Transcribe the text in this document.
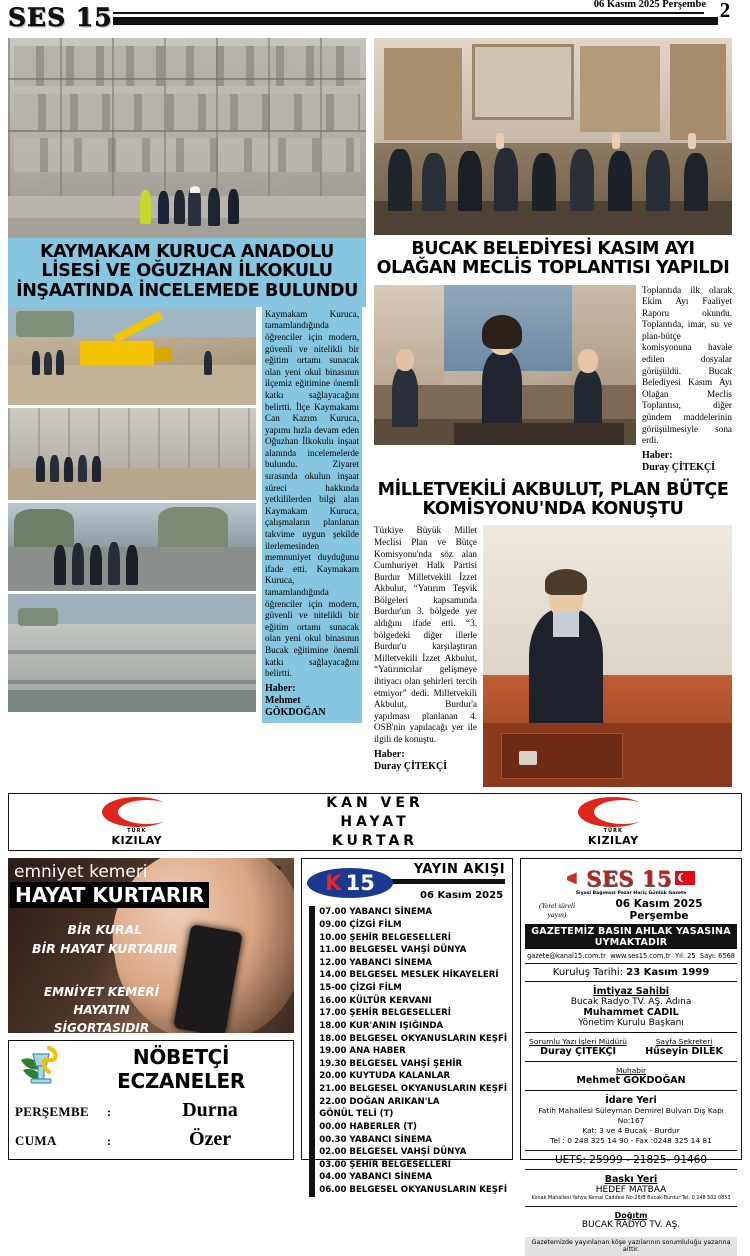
SES 15	06 Kasım 2025 Perşembe 2
KAYMAKAM KURUCA ANADOLU LİSESİ VE OĞUZHAN İLKOKULU İNŞAATINDA İNCELEMEDE BULUNDU

Kaymakam Kuruca, tamamlandığında öğrenciler için modern, güvenli ve nitelikli bir eğitim ortamı sunacak olan yeni okul binasının ilçemiz eğitimine önemli katkı sağlayacağını belirtti. İlçe Kaymakamı Can Kazım Kuruca, yapımı hızla devam eden Oğuzhan İlkokulu inşaat alanında incelemelerde bulundu. Ziyaret sırasında okulun inşaat süreci hakkında yetkililerden bilgi alan Kaymakam Kuruca, çalışmaların planlanan takvime uygun şekilde ilerlemesinden memnuniyet duyduğunu ifade etti. Kaymakam Kuruca, tamamlandığında öğrenciler için modern, güvenli ve nitelikli bir eğitim ortamı sunacak olan yeni okul binasının Bucak eğitimine önemli katkı sağlayacağını belirtti.

Haber:
Mehmet
GÖKDOĞAN
BUCAK BELEDİYESİ KASIM AYI OLAĞAN MECLİS TOPLANTISI YAPILDI

Toplantıda ilk olarak Ekim Ayı Faaliyet Raporu okundu. Toplantıda, imar, su ve plan-bütçe komisyonuna havale edilen dosyalar görüşüldü. Bucak Belediyesi Kasım Ayı Olağan Meclis Toplantısı, diğer gündem maddelerinin görüşülmesiyle sona erdi.

Haber:
Duray ÇİTEKÇİ
MİLLETVEKİLİ AKBULUT, PLAN BÜTÇE KOMİSYONU'NDA KONUŞTU

Türkiye Büyük Millet Meclisi Plan ve Bütçe Komisyonu'nda söz alan Cumhuriyet Halk Partisi Burdur Milletvekili İzzet Akbulut, “Yatırım Teşvik Bölgeleri kapsamında Burdur'un 3. bölgede yer aldığını ifade etti. “3. bölgedeki diğer illerle Burdur'u karşılaştıran Milletvekili İzzet Akbulut, “Yatırımcılar gelişmeye ihtiyacı olan şehirleri tercih etmiyor” dedi. Milletvekili Akbulut, Burdur'a yapılması planlanan 4. OSB'nin yapılacağı yer ile ilgili de konuştu.

Haber:
Duray ÇİTEKÇİ
TÜRK
KIZILAY
KAN VER
HAYAT
KURTAR
TÜRK
KIZILAY
emniyet kemeri
HAYAT KURTARIR
BİR KURAL
BİR HAYAT KURTARIR
EMNİYET KEMERİ HAYATIN
SİGORTASIDIR
NÖBETÇİ ECZANELER
PERŞEMBE	:	Durna
CUMA	:	Özer
YAYIN AKIŞI
K 15
06 Kasım 2025
07.00 YABANCI SİNEMA
09.00 ÇİZGİ FİLM
10.00 ŞEHİR BELGESELLERİ
11.00 BELGESEL VAHŞİ DÜNYA
12.00 YABANCI SİNEMA
14.00 BELGESEL MESLEK HİKAYELERİ
15-00 ÇİZGİ FİLM
16.00 KÜLTÜR KERVANI
17.00 ŞEHİR BELGESELLERİ
18.00 KUR'ANIN IŞIĞINDA
18.00 BELGESEL OKYANUSLARIN KEŞFİ
19.00 ANA HABER
19.30 BELGESEL VAHŞİ ŞEHİR
20.00 KUYTUDA KALANLAR
21.00 BELGESEL OKYANUSLARIN KEŞFİ
22.00 DOĞAN ARIKAN'LA
GÖNÜL TELİ (T)
00.00 HABERLER (T)
00.30 YABANCI SİNEMA
02.00 BELGESEL VAHŞİ DÜNYA
03.00 ŞEHİR BELGESELLERİ
04.00 YABANCI SİNEMA
06.00 BELGESEL OKYANUSLARIN KEŞFİ
SES 15
Siyasi Bağımsız Pazar Hariç Günlük Gazete
(Yerel süreli yayın)
06 Kasım 2025 Perşembe
GAZETEMİZ BASIN AHLAK YASASINA UYMAKTADIR
gazete@kanal15.com.tr www.ses15.com.tr Yıl: 25 Sayı: 6568
Kuruluş Tarihi: 23 Kasım 1999
İmtiyaz Sahibi
Bucak Radyo TV. AŞ. Adına
Muhammet CADIL
Yönetim Kurulu Başkanı
Sorumlu Yazı İşleri Müdürü
Duray ÇİTEKÇİ
Sayfa Sekreteri
Hüseyin DİLEK
Muhabir
Mehmet GÖKDOĞAN
İdare Yeri
Fatih Mahallesi Süleyman Demirel Bulvarı Dış Kapı No:167
Kat: 3 ve 4 Bucak - Burdur
Tel : 0 248 325 14 90 - Fax :0248 325 14 81
UETS: 25999 - 21825- 91460
Baskı Yeri
HEDEF MATBAA
Konak Mahallesi Yahya Kemal Caddesi No:26/B Bucak-Burdur Tel: 0 248 502 0853
Doğıtm
BUCAK RADYO TV. AŞ.
Gazetemizde yayınlanan köşe yazılarının sorumluluğu yazarına aittir.
